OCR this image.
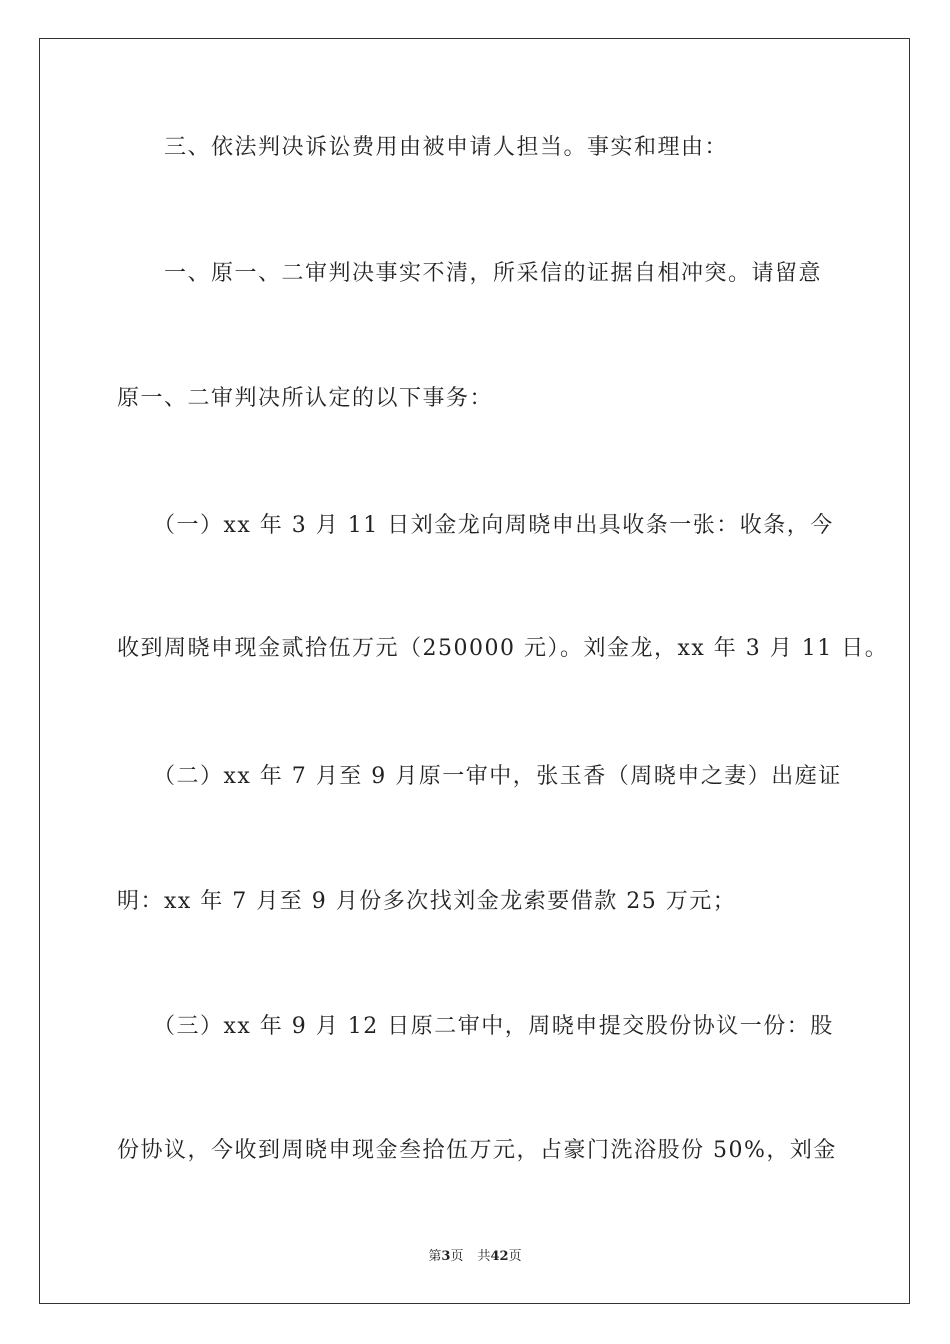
　　三、依法判决诉讼费用由被申请人担当。事实和理由：
　　一、原一、二审判决事实不清，所采信的证据自相冲突。请留意
原一、二审判决所认定的以下事务：
　　（一）xx 年 3 月 11 日刘金龙向周晓申出具收条一张：收条，今
收到周晓申现金贰拾伍万元（250000 元）。刘金龙，xx 年 3 月 11 日。
　　（二）xx 年 7 月至 9 月原一审中，张玉香（周晓申之妻）出庭证
明：xx 年 7 月至 9 月份多次找刘金龙索要借款 25 万元；
　　（三）xx 年 9 月 12 日原二审中，周晓申提交股份协议一份：股
份协议，今收到周晓申现金叁拾伍万元，占豪门洗浴股份 50%，刘金
第3页 共42页
